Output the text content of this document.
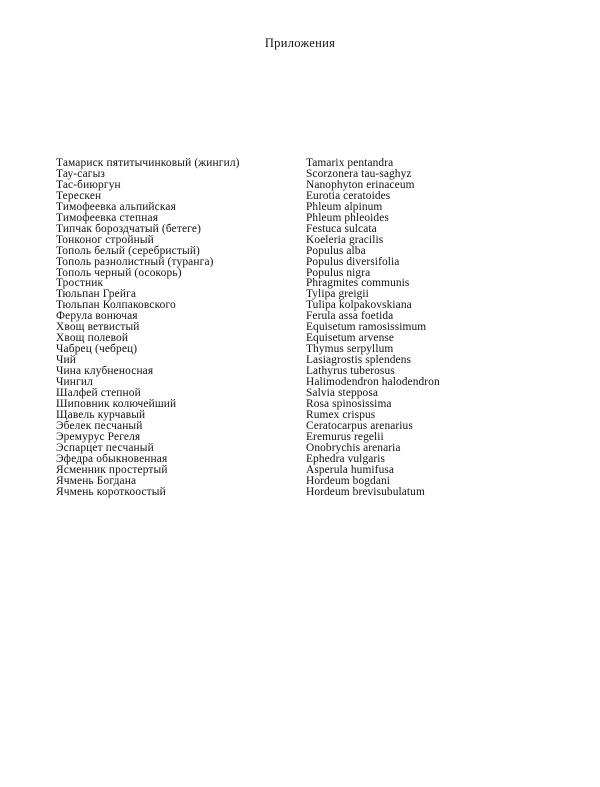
Приложения
Тамариск пятитычинковый (жингил)	Tamarix pentandra
Тау-сагыз	Scorzonera tau-saghyz
Тас-биюргун	Nanophyton erinaceum
Терескен	Eurotia ceratoides
Тимофеевка альпийская	Phleum alpinum
Тимофеевка степная	Phleum phleoides
Типчак бороздчатый (бетеге)	Festuca sulcata
Тонконог стройный	Koeleria gracilis
Тополь белый (серебристый)	Populus alba
Тополь разнолистный (туранга)	Populus diversifolia
Тополь черный (осокорь)	Populus nigra
Тростник	Phragmites communis
Тюльпан Грейга	Tylipa greigii
Тюльпан Колпаковского	Tulipa kolpakovskiana
Ферула вонючая	Ferula assa foetida
Хвощ ветвистый	Equisetum ramosissimum
Хвощ полевой	Equisetum arvense
Чабрец (чебрец)	Thymus serpyllum
Чий	Lasiagrostis splendens
Чина клубненосная	Lathyrus tuberosus
Чингил	Halimodendron halodendron
Шалфей степной	Salvia stepposa
Шиповник колючейший	Rosa spinosissima
Щавель курчавый	Rumex crispus
Эбелек песчаный	Ceratocarpus arenarius
Эремурус Регеля	Eremurus regelii
Эспарцет песчаный	Onobrychis arenaria
Эфедра обыкновенная	Ephedra vulgaris
Ясменник простертый	Asperula humifusa
Ячмень Богдана	Hordeum bogdani
Ячмень короткоостый	Hordeum brevisubulatum
